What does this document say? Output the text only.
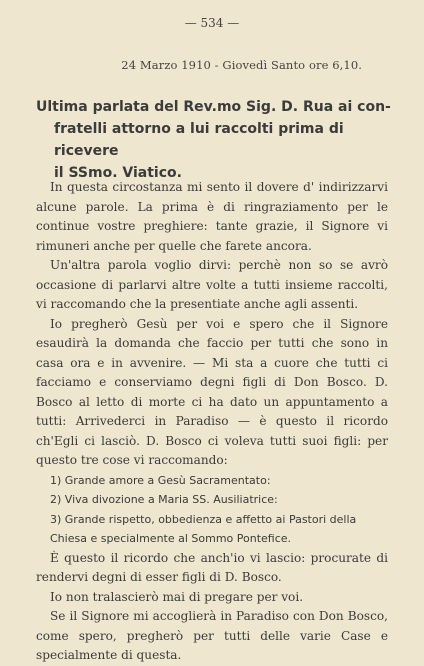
— 534 —
24 Marzo 1910 - Giovedì Santo ore 6,10.
Ultima parlata del Rev.mo Sig. D. Rua ai con-
fratelli attorno a lui raccolti prima di ricevere
il SSmo. Viatico.

In questa circostanza mi sento il dovere d' indirizzarvi alcune parole. La prima è di ringraziamento per le continue vostre preghiere: tante grazie, il Signore vi rimuneri anche per quelle che farete ancora.

Un'altra parola voglio dirvi: perchè non so se avrò occasione di parlarvi altre volte a tutti insieme raccolti, vi raccomando che la presentiate anche agli assenti.

Io pregherò Gesù per voi e spero che il Signore esaudirà la domanda che faccio per tutti che sono in casa ora e in avvenire. — Mi sta a cuore che tutti ci facciamo e conserviamo degni figli di Don Bosco. D. Bosco al letto di morte ci ha dato un appuntamento a tutti: Arrivederci in Paradiso — è questo il ricordo ch'Egli ci lasciò. D. Bosco ci voleva tutti suoi figli: per questo tre cose vi raccomando:

1) Grande amore a Gesù Sacramentato:
2) Viva divozione a Maria SS. Ausiliatrice:
3) Grande rispetto, obbedienza e affetto ai Pastori della Chiesa e specialmente al Sommo Pontefice.

È questo il ricordo che anch'io vi lascio: procurate di rendervi degni di esser figli di D. Bosco.

Io non tralascierò mai di pregare per voi.

Se il Signore mi accoglierà in Paradiso con Don Bosco, come spero, pregherò per tutti delle varie Case e specialmente di questa.
